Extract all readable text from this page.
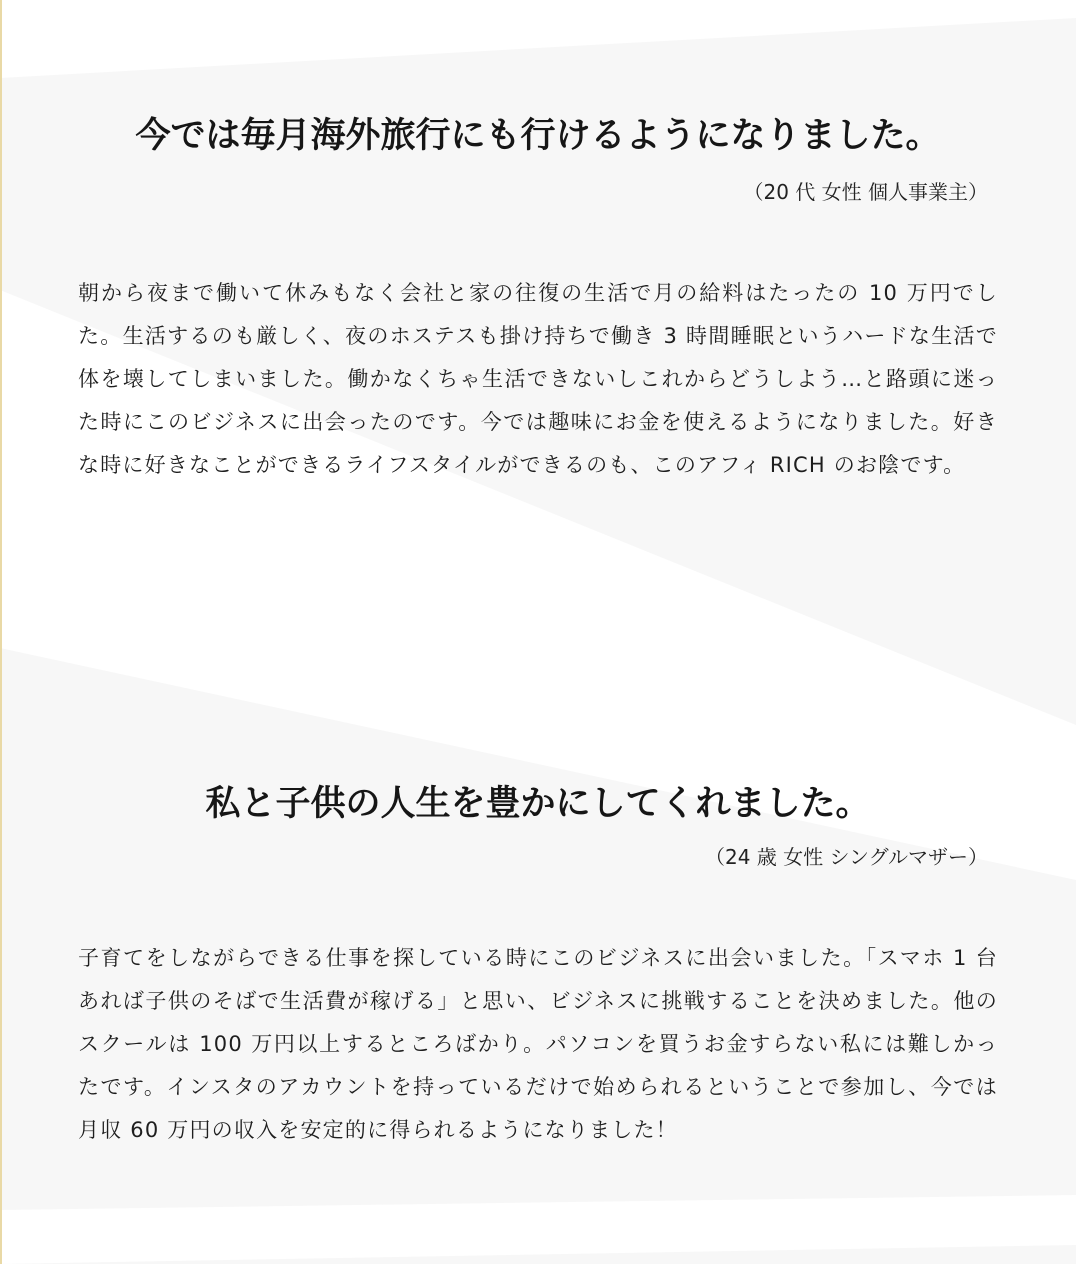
今では毎月海外旅行にも行けるようになりました。
（20 代 女性 個人事業主）

朝から夜まで働いて休みもなく会社と家の往復の生活で月の給料はたったの 10 万円でした。生活するのも厳しく、夜のホステスも掛け持ちで働き 3 時間睡眠というハードな生活で体を壊してしまいました。働かなくちゃ生活できないしこれからどうしよう…と路頭に迷った時にこのビジネスに出会ったのです。今では趣味にお金を使えるようになりました。好きな時に好きなことができるライフスタイルができるのも、このアフィ RICH のお陰です。

私と子供の人生を豊かにしてくれました。
（24 歳 女性 シングルマザー）

子育てをしながらできる仕事を探している時にこのビジネスに出会いました。「スマホ 1 台あれば子供のそばで生活費が稼げる」と思い、ビジネスに挑戦することを決めました。他のスクールは 100 万円以上するところばかり。パソコンを買うお金すらない私には難しかったです。インスタのアカウントを持っているだけで始められるということで参加し、今では月収 60 万円の収入を安定的に得られるようになりました！
